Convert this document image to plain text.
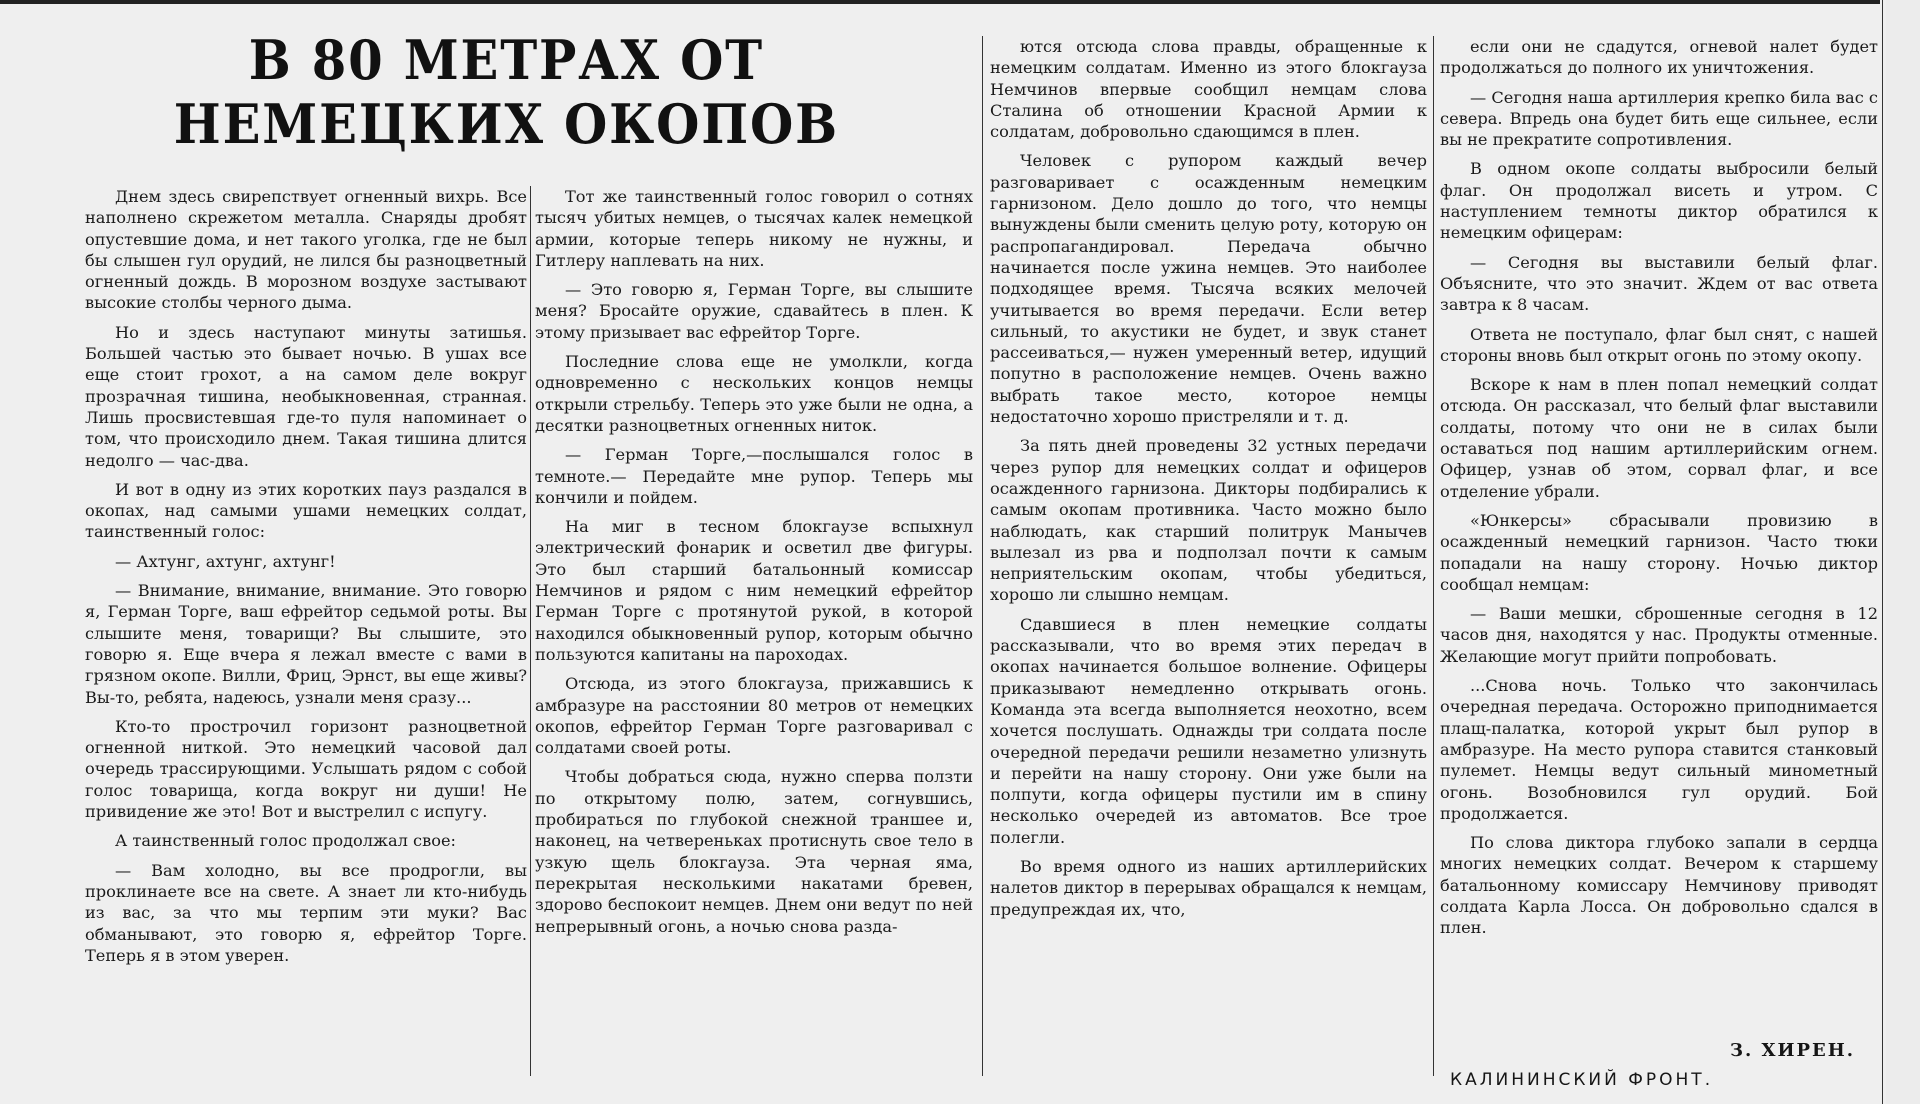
В 80 МЕТРАХ ОТ НЕМЕЦКИХ ОКОПОВ

Днем здесь свирепствует огненный вихрь. Все наполнено скрежетом металла. Снаряды дробят опустевшие дома, и нет такого уголка, где не был бы слышен гул орудий, не лился бы разноцветный огненный дождь. В морозном воздухе застывают высокие столбы черного дыма.

Но и здесь наступают минуты затишья. Большей частью это бывает ночью. В ушах все еще стоит грохот, а на самом деле вокруг прозрачная тишина, необыкновенная, странная. Лишь просвистевшая где-то пуля напоминает о том, что происходило днем. Такая тишина длится недолго — час-два.

И вот в одну из этих коротких пауз раздался в окопах, над самыми ушами немецких солдат, таинственный голос:

— Ахтунг, ахтунг, ахтунг!

— Внимание, внимание, внимание. Это говорю я, Герман Торге, ваш ефрейтор седьмой роты. Вы слышите меня, товарищи? Вы слышите, это говорю я. Еще вчера я лежал вместе с вами в грязном окопе. Вилли, Фриц, Эрнст, вы еще живы? Вы-то, ребята, надеюсь, узнали меня сразу...

Кто-то прострочил горизонт разноцветной огненной ниткой. Это немецкий часовой дал очередь трассирующими. Услышать рядом с собой голос товарища, когда вокруг ни души! Не привидение же это! Вот и выстрелил с испугу.

А таинственный голос продолжал свое:

— Вам холодно, вы все продрогли, вы проклинаете все на свете. А знает ли кто-нибудь из вас, за что мы терпим эти муки? Вас обманывают, это говорю я, ефрейтор Торге. Теперь я в этом уверен.

Тот же таинственный голос говорил о сотнях тысяч убитых немцев, о тысячах калек немецкой армии, которые теперь никому не нужны, и Гитлеру наплевать на них.

— Это говорю я, Герман Торге, вы слышите меня? Бросайте оружие, сдавайтесь в плен. К этому призывает вас ефрейтор Торге.

Последние слова еще не умолкли, когда одновременно с нескольких концов немцы открыли стрельбу. Теперь это уже были не одна, а десятки разноцветных огненных ниток.

— Герман Торге,—послышался голос в темноте.— Передайте мне рупор. Теперь мы кончили и пойдем.

На миг в тесном блокгаузе вспыхнул электрический фонарик и осветил две фигуры. Это был старший батальонный комиссар Немчинов и рядом с ним немецкий ефрейтор Герман Торге с протянутой рукой, в которой находился обыкновенный рупор, которым обычно пользуются капитаны на пароходах.

Отсюда, из этого блокгауза, прижавшись к амбразуре на расстоянии 80 метров от немецких окопов, ефрейтор Герман Торге разговаривал с солдатами своей роты.

Чтобы добраться сюда, нужно сперва ползти по открытому полю, затем, согнувшись, пробираться по глубокой снежной траншее и, наконец, на четвереньках протиснуть свое тело в узкую щель блокгауза. Эта черная яма, перекрытая несколькими накатами бревен, здорово беспокоит немцев. Днем они ведут по ней непрерывный огонь, а ночью снова разда-

ются отсюда слова правды, обращенные к немецким солдатам. Именно из этого блокгауза Немчинов впервые сообщил немцам слова Сталина об отношении Красной Армии к солдатам, добровольно сдающимся в плен.

Человек с рупором каждый вечер разговаривает с осажденным немецким гарнизоном. Дело дошло до того, что немцы вынуждены были сменить целую роту, которую он распропагандировал. Передача обычно начинается после ужина немцев. Это наиболее подходящее время. Тысяча всяких мелочей учитывается во время передачи. Если ветер сильный, то акустики не будет, и звук станет рассеиваться,— нужен умеренный ветер, идущий попутно в расположение немцев. Очень важно выбрать такое место, которое немцы недостаточно хорошо пристреляли и т. д.

За пять дней проведены 32 устных передачи через рупор для немецких солдат и офицеров осажденного гарнизона. Дикторы подбирались к самым окопам противника. Часто можно было наблюдать, как старший политрук Манычев вылезал из рва и подползал почти к самым неприятельским окопам, чтобы убедиться, хорошо ли слышно немцам.

Сдавшиеся в плен немецкие солдаты рассказывали, что во время этих передач в окопах начинается большое волнение. Офицеры приказывают немедленно открывать огонь. Команда эта всегда выполняется неохотно, всем хочется послушать. Однажды три солдата после очередной передачи решили незаметно улизнуть и перейти на нашу сторону. Они уже были на полпути, когда офицеры пустили им в спину несколько очередей из автоматов. Все трое полегли.

Во время одного из наших артиллерийских налетов диктор в перерывах обращался к немцам, предупреждая их, что,

если они не сдадутся, огневой налет будет продолжаться до полного их уничтожения.

— Сегодня наша артиллерия крепко била вас с севера. Впредь она будет бить еще сильнее, если вы не прекратите сопротивления.

В одном окопе солдаты выбросили белый флаг. Он продолжал висеть и утром. С наступлением темноты диктор обратился к немецким офицерам:

— Сегодня вы выставили белый флаг. Объясните, что это значит. Ждем от вас ответа завтра к 8 часам.

Ответа не поступало, флаг был снят, с нашей стороны вновь был открыт огонь по этому окопу.

Вскоре к нам в плен попал немецкий солдат отсюда. Он рассказал, что белый флаг выставили солдаты, потому что они не в силах были оставаться под нашим артиллерийским огнем. Офицер, узнав об этом, сорвал флаг, и все отделение убрали.

«Юнкерсы» сбрасывали провизию в осажденный немецкий гарнизон. Часто тюки попадали на нашу сторону. Ночью диктор сообщал немцам:

— Ваши мешки, сброшенные сегодня в 12 часов дня, находятся у нас. Продукты отменные. Желающие могут прийти попробовать.

...Снова ночь. Только что закончилась очередная передача. Осторожно приподнимается плащ-палатка, которой укрыт был рупор в амбразуре. На место рупора ставится станковый пулемет. Немцы ведут сильный минометный огонь. Возобновился гул орудий. Бой продолжается.

По слова диктора глубоко запали в сердца многих немецких солдат. Вечером к старшему батальонному комиссару Немчинову приводят солдата Карла Лосса. Он добровольно сдался в плен.

З. ХИРЕН.
КАЛИНИНСКИЙ ФРОНТ.
